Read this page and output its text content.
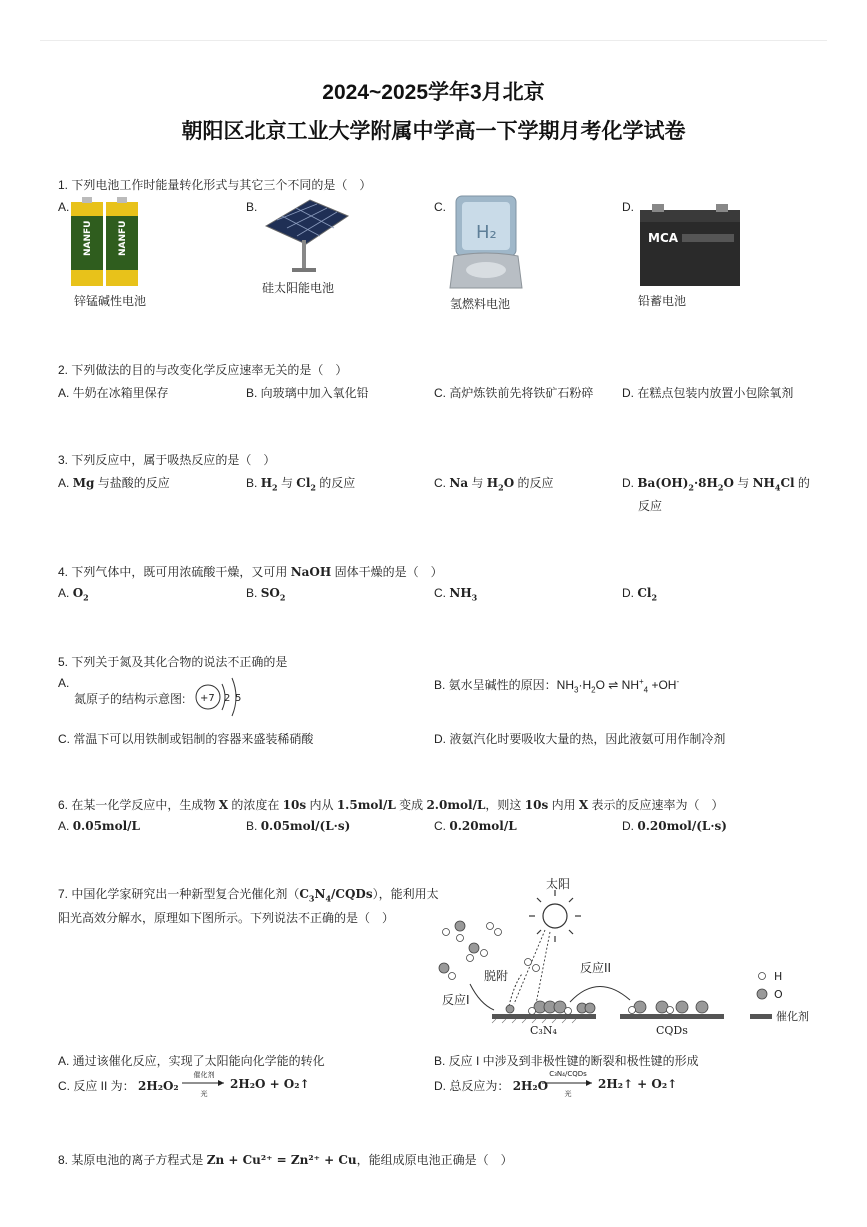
2024~2025学年3月北京
朝阳区北京工业大学附属中学高一下学期月考化学试卷
1. 下列电池工作时能量转化形式与其它三个不同的是（　）
A.
NANFU	NANFU
锌锰碱性电池
B.
硅太阳能电池
C.
H₂
氢燃料电池
D.
MCA
铅蓄电池
2. 下列做法的目的与改变化学反应速率无关的是（　）
A. 牛奶在冰箱里保存	B. 向玻璃中加入氧化铅	C. 高炉炼铁前先将铁矿石粉碎 D. 在糕点包装内放置小包除氧剂
3. 下列反应中，属于吸热反应的是（　）
A. Mg 与盐酸的反应	B. $H_2$ 与 $Cl_2$ 的反应	C. Na 与 $H_2O$ 的反应	D. $Ba(OH)_2\cdot 8H_2O$ 与 $NH_4Cl$ 的
反应
4. 下列气体中，既可用浓硫酸干燥，又可用 NaOH 固体干燥的是（　）
A. $O_2$	B. $SO_2$	C. $NH_3$	D. $Cl_2$
5. 下列关于氮及其化合物的说法不正确的是
A.
氮原子的结构示意图: +7 2 5
B. 氨水呈碱性的原因：$NH_3\cdot H_2O$ ⇌ $NH^+_4 +OH^-$
C. 常温下可以用铁制或铝制的容器来盛装稀硝酸	D. 液氨汽化时要吸收大量的热，因此液氨可用作制冷剂
6. 在某一化学反应中，生成物 X 的浓度在 10s 内从 1.5mol/L 变成 2.0mol/L，则这 10s 内用 X 表示的反应速率为（　）
A. 0.05mol/L	B. 0.05mol/(L·s)	C. 0.20mol/L	D. 0.20mol/(L·s)
7. 中国化学家研究出一种新型复合光催化剂$(C_3N_4/CQDs)$，能利用太
阳光高效分解水，原理如下图所示。下列说法不正确的是（　）
太阳
脱附
反应I
反应II
C₃N₄	CQDs
H
O
催化剂
A. 通过该催化反应，实现了太阳能向化学能的转化	B. 反应 I 中涉及到非极性键的断裂和极性键的形成
C. 反应 II 为： 2H₂O₂
催化剂
光
2H₂O + O₂↑	D. 总反应为： 2H₂O
C₃N₄/CQDs
光
2H₂↑ + O₂↑
8. 某原电池的离子方程式是 Zn + Cu²⁺ = Zn²⁺ + Cu，能组成原电池正确是（　）
